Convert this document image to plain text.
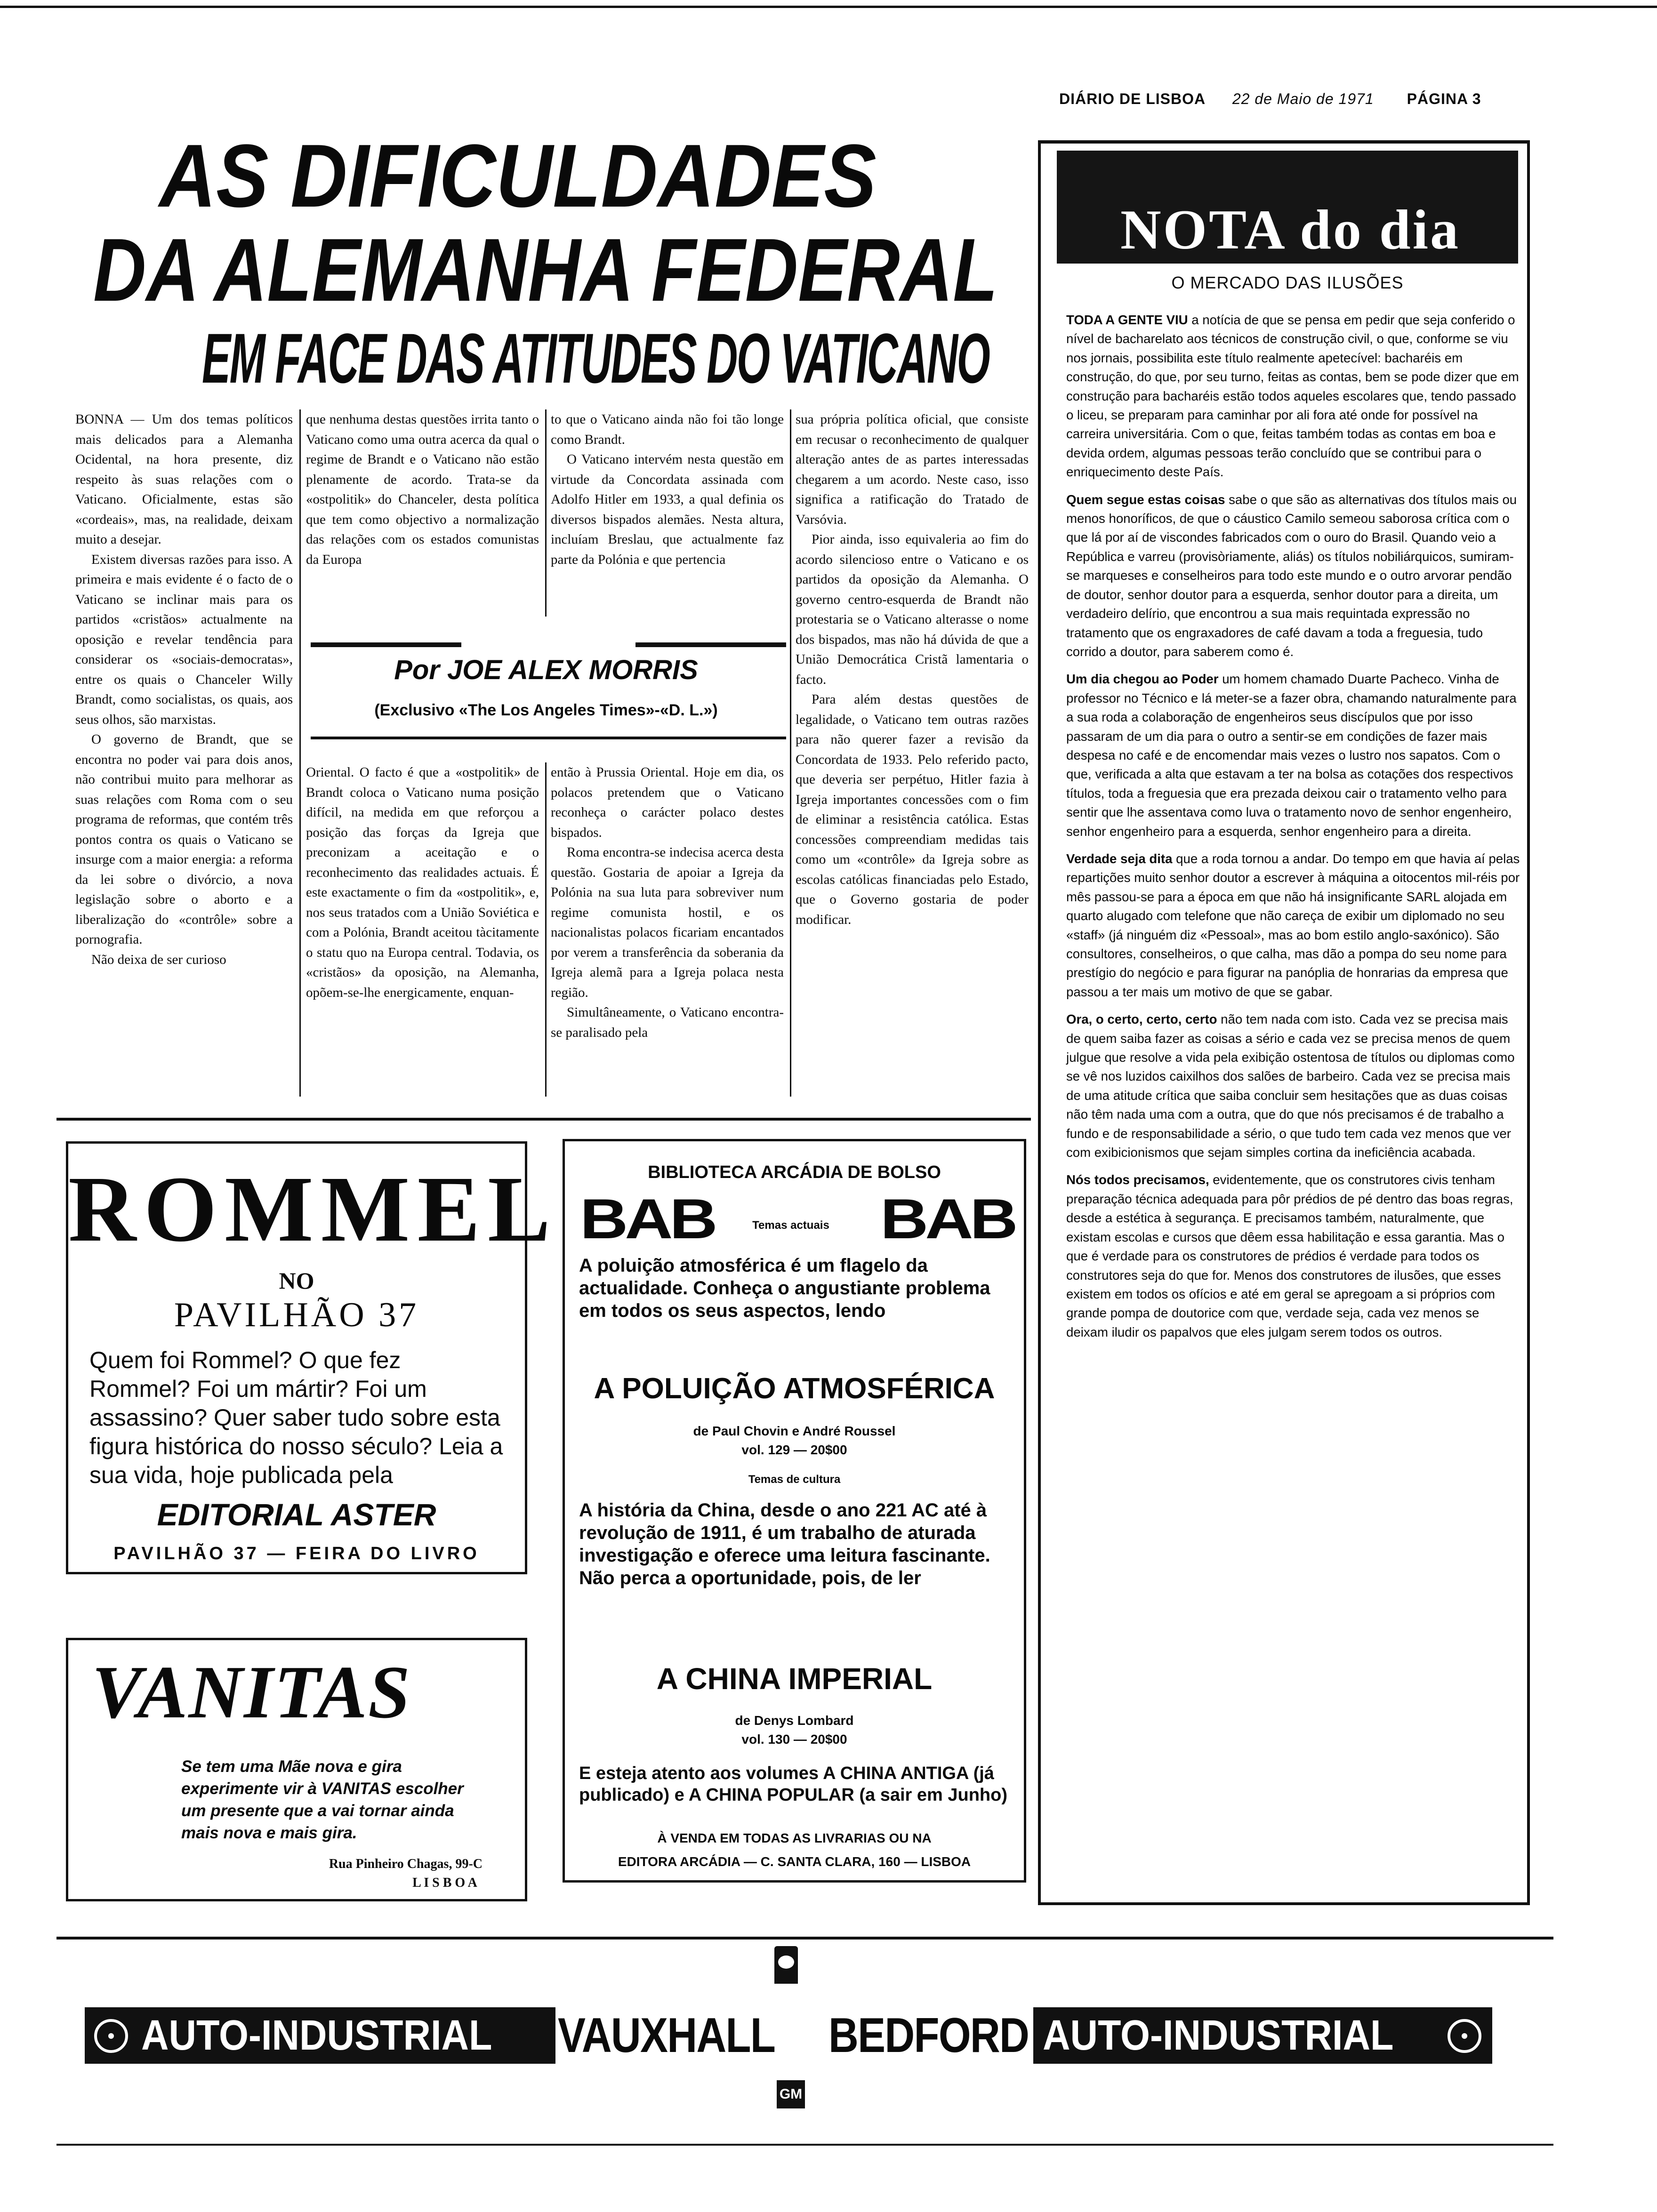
DIÁRIO DE LISBOA 22 de Maio de 1971 PÁGINA 3
AS DIFICULDADES
DA ALEMANHA FEDERAL
EM FACE DAS ATITUDES DO VATICANO

BONNA — Um dos temas políticos mais delicados para a Alemanha Ocidental, na hora presente, diz respeito às suas relações com o Vaticano. Oficialmente, estas são «cordeais», mas, na realidade, deixam muito a desejar.

Existem diversas razões para isso. A primeira e mais evidente é o facto de o Vaticano se inclinar mais para os partidos «cristãos» actualmente na oposição e revelar tendência para considerar os «sociais-democratas», entre os quais o Chanceler Willy Brandt, como socialistas, os quais, aos seus olhos, são marxistas.

O governo de Brandt, que se encontra no poder vai para dois anos, não contribui muito para melhorar as suas relações com Roma com o seu programa de reformas, que contém três pontos contra os quais o Vaticano se insurge com a maior energia: a reforma da lei sobre o divórcio, a nova legislação sobre o aborto e a liberalização do «contrôle» sobre a pornografia.

Não deixa de ser curioso

que nenhuma destas questões irrita tanto o Vaticano como uma outra acerca da qual o regime de Brandt e o Vaticano não estão plenamente de acordo. Trata-se da «ostpolitik» do Chanceler, desta política que tem como objectivo a normalização das relações com os estados comunistas da Europa

to que o Vaticano ainda não foi tão longe como Brandt.

O Vaticano intervém nesta questão em virtude da Concordata assinada com Adolfo Hitler em 1933, a qual definia os diversos bispados alemães. Nesta altura, incluíam Breslau, que actualmente faz parte da Polónia e que pertencia

Por JOE ALEX MORRIS
(Exclusivo «The Los Angeles Times»-«D. L.»)

Oriental. O facto é que a «ostpolitik» de Brandt coloca o Vaticano numa posição difícil, na medida em que reforçou a posição das forças da Igreja que preconizam a aceitação e o reconhecimento das realidades actuais. É este exactamente o fim da «ostpolitik», e, nos seus tratados com a União Soviética e com a Polónia, Brandt aceitou tàcitamente o statu quo na Europa central. Todavia, os «cristãos» da oposição, na Alemanha, opõem-se-lhe energicamente, enquan-

então à Prussia Oriental. Hoje em dia, os polacos pretendem que o Vaticano reconheça o carácter polaco destes bispados.

Roma encontra-se indecisa acerca desta questão. Gostaria de apoiar a Igreja da Polónia na sua luta para sobreviver num regime comunista hostil, e os nacionalistas polacos ficariam encantados por verem a transferência da soberania da Igreja alemã para a Igreja polaca nesta região.

Simultâneamente, o Vaticano encontra-se paralisado pela

sua própria política oficial, que consiste em recusar o reconhecimento de qualquer alteração antes de as partes interessadas chegarem a um acordo. Neste caso, isso significa a ratificação do Tratado de Varsóvia.

Pior ainda, isso equivaleria ao fim do acordo silencioso entre o Vaticano e os partidos da oposição da Alemanha. O governo centro-esquerda de Brandt não protestaria se o Vaticano alterasse o nome dos bispados, mas não há dúvida de que a União Democrática Cristã lamentaria o facto.

Para além destas questões de legalidade, o Vaticano tem outras razões para não querer fazer a revisão da Concordata de 1933. Pelo referido pacto, que deveria ser perpétuo, Hitler fazia à Igreja importantes concessões com o fim de eliminar a resistência católica. Estas concessões compreendiam medidas tais como um «contrôle» da Igreja sobre as escolas católicas financiadas pelo Estado, que o Governo gostaria de poder modificar.

NOTA do dia
O MERCADO DAS ILUSÕES

TODA A GENTE VIU a notícia de que se pensa em pedir que seja conferido o nível de bacharelato aos técnicos de construção civil, o que, conforme se viu nos jornais, possibilita este título realmente apetecível: bacharéis em construção, do que, por seu turno, feitas as contas, bem se pode dizer que em construção para bacharéis estão todos aqueles escolares que, tendo passado o liceu, se preparam para caminhar por ali fora até onde for possível na carreira universitária. Com o que, feitas também todas as contas em boa e devida ordem, algumas pessoas terão concluído que se contribui para o enriquecimento deste País.

Quem segue estas coisas sabe o que são as alternativas dos títulos mais ou menos honoríficos, de que o cáustico Camilo semeou saborosa crítica com o que lá por aí de viscondes fabricados com o ouro do Brasil. Quando veio a República e varreu (provisòriamente, aliás) os títulos nobiliárquicos, sumiram-se marqueses e conselheiros para todo este mundo e o outro arvorar pendão de doutor, senhor doutor para a esquerda, senhor doutor para a direita, um verdadeiro delírio, que encontrou a sua mais requintada expressão no tratamento que os engraxadores de café davam a toda a freguesia, tudo corrido a doutor, para saberem como é.

Um dia chegou ao Poder um homem chamado Duarte Pacheco. Vinha de professor no Técnico e lá meter-se a fazer obra, chamando naturalmente para a sua roda a colaboração de engenheiros seus discípulos que por isso passaram de um dia para o outro a sentir-se em condições de fazer mais despesa no café e de encomendar mais vezes o lustro nos sapatos. Com o que, verificada a alta que estavam a ter na bolsa as cotações dos respectivos títulos, toda a freguesia que era prezada deixou cair o tratamento velho para sentir que lhe assentava como luva o tratamento novo de senhor engenheiro, senhor engenheiro para a esquerda, senhor engenheiro para a direita.

Verdade seja dita que a roda tornou a andar. Do tempo em que havia aí pelas repartições muito senhor doutor a escrever à máquina a oitocentos mil-réis por mês passou-se para a época em que não há insignificante SARL alojada em quarto alugado com telefone que não careça de exibir um diplomado no seu «staff» (já ninguém diz «Pessoal», mas ao bom estilo anglo-saxónico). São consultores, conselheiros, o que calha, mas dão a pompa do seu nome para prestígio do negócio e para figurar na panóplia de honrarias da empresa que passou a ter mais um motivo de que se gabar.

Ora, o certo, certo, certo não tem nada com isto. Cada vez se precisa mais de quem saiba fazer as coisas a sério e cada vez se precisa menos de quem julgue que resolve a vida pela exibição ostentosa de títulos ou diplomas como se vê nos luzidos caixilhos dos salões de barbeiro. Cada vez se precisa mais de uma atitude crítica que saiba concluir sem hesitações que as duas coisas não têm nada uma com a outra, que do que nós precisamos é de trabalho a fundo e de responsabilidade a sério, o que tudo tem cada vez menos que ver com exibicionismos que sejam simples cortina da ineficiência acabada.

Nós todos precisamos, evidentemente, que os construtores civis tenham preparação técnica adequada para pôr prédios de pé dentro das boas regras, desde a estética à segurança. E precisamos também, naturalmente, que existam escolas e cursos que dêem essa habilitação e essa garantia. Mas o que é verdade para os construtores de prédios é verdade para todos os construtores seja do que for. Menos dos construtores de ilusões, que esses existem em todos os ofícios e até em geral se apregoam a si próprios com grande pompa de doutorice com que, verdade seja, cada vez menos se deixam iludir os papalvos que eles julgam serem todos os outros.

ROMMEL
NO
PAVILHÃO 37
Quem foi Rommel? O que fez Rommel? Foi um mártir? Foi um assassino? Quer saber tudo sobre esta figura histórica do nosso século? Leia a sua vida, hoje publicada pela
EDITORIAL ASTER
PAVILHÃO 37 — FEIRA DO LIVRO
VANITAS
Se tem uma Mãe nova e gira experimente vir à VANITAS escolher um presente que a vai tornar ainda mais nova e mais gira.
Rua Pinheiro Chagas, 99-C
L I S B O A
BIBLIOTECA ARCÁDIA DE BOLSO
BAB	Temas actuais BAB
A poluição atmosférica é um flagelo da actualidade. Conheça o angustiante problema em todos os seus aspectos, lendo
A POLUIÇÃO ATMOSFÉRICA
de Paul Chovin e André Roussel
vol. 129 — 20$00
Temas de cultura
A história da China, desde o ano 221 AC até à revolução de 1911, é um trabalho de aturada investigação e oferece uma leitura fascinante. Não perca a oportunidade, pois, de ler
A CHINA IMPERIAL
de Denys Lombard
vol. 130 — 20$00
E esteja atento aos volumes A CHINA ANTIGA (já publicado) e A CHINA POPULAR (a sair em Junho)
À VENDA EM TODAS AS LIVRARIAS OU NA
EDITORA ARCÁDIA — C. SANTA CLARA, 160 — LISBOA
AUTO-INDUSTRIAL VAUXHALL BEDFORD AUTO-INDUSTRIAL
GM
